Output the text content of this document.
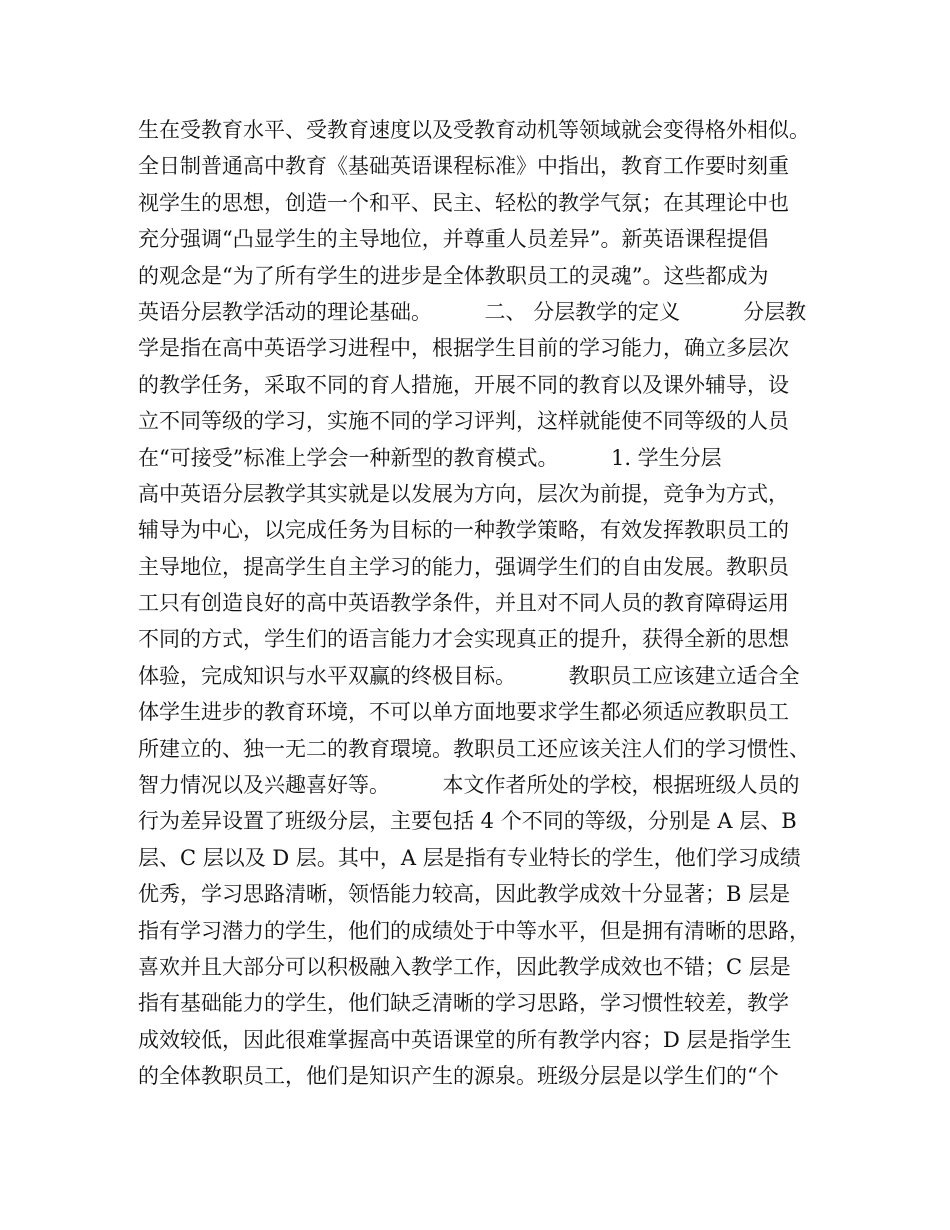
生在受教育水平、受教育速度以及受教育动机等领域就会变得格外相似。
全日制普通高中教育《基础英语课程标准》中指出，教育工作要时刻重
视学生的思想，创造一个和平、民主、轻松的教学气氛；在其理论中也
充分强调“凸显学生的主导地位，并尊重人员差异”。新英语课程提倡
的观念是“为了所有学生的进步是全体教职员工的灵魂”。这些都成为
英语分层教学活动的理论基础。　　　二、 分层教学的定义　　　分层教
学是指在高中英语学习进程中，根据学生目前的学习能力，确立多层次
的教学任务，采取不同的育人措施，开展不同的教育以及课外辅导，设
立不同等级的学习，实施不同的学习评判，这样就能使不同等级的人员
在“可接受”标准上学会一种新型的教育模式。　　　1. 学生分层
高中英语分层教学其实就是以发展为方向，层次为前提，竞争为方式，
辅导为中心，以完成任务为目标的一种教学策略，有效发挥教职员工的
主导地位，提高学生自主学习的能力，强调学生们的自由发展。教职员
工只有创造良好的高中英语教学条件，并且对不同人员的教育障碍运用
不同的方式，学生们的语言能力才会实现真正的提升，获得全新的思想
体验，完成知识与水平双赢的终极目标。　　　教职员工应该建立适合全
体学生进步的教育环境，不可以单方面地要求学生都必须适应教职员工
所建立的、独一无二的教育環境。教职员工还应该关注人们的学习惯性、
智力情况以及兴趣喜好等。　　　本文作者所处的学校，根据班级人员的
行为差异设置了班级分层，主要包括 4 个不同的等级，分别是 A 层、B
层、C 层以及 D 层。其中，A 层是指有专业特长的学生，他们学习成绩
优秀，学习思路清晰，领悟能力较高，因此教学成效十分显著；B 层是
指有学习潜力的学生，他们的成绩处于中等水平，但是拥有清晰的思路，
喜欢并且大部分可以积极融入教学工作，因此教学成效也不错；C 层是
指有基础能力的学生，他们缺乏清晰的学习思路，学习惯性较差，教学
成效较低，因此很难掌握高中英语课堂的所有教学内容；D 层是指学生
的全体教职员工，他们是知识产生的源泉。班级分层是以学生们的“个
